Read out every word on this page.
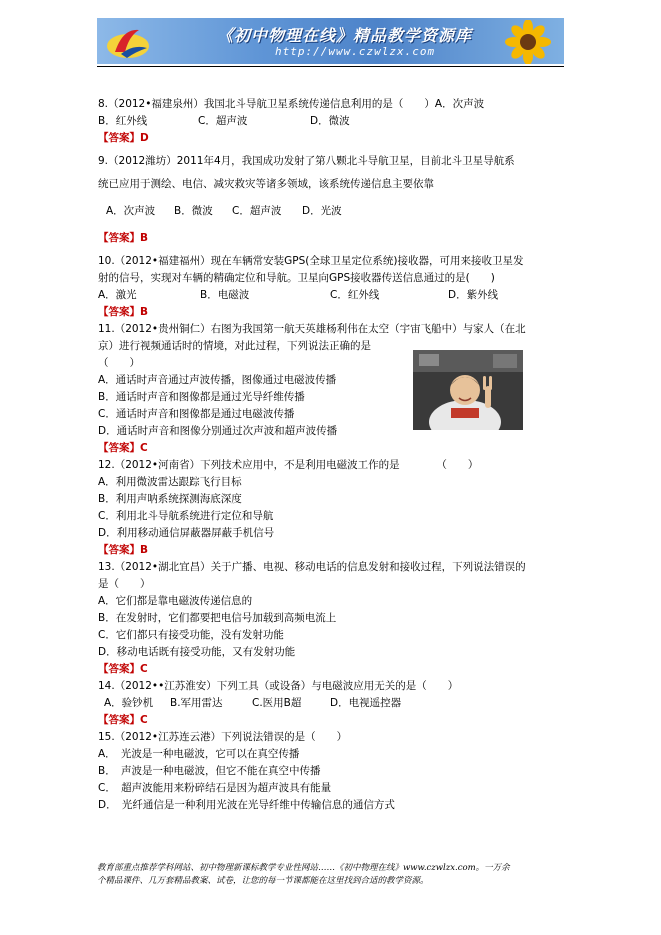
《初中物理在线》精品教学资源库
http://www.czwlzx.com
8.（2012•福建泉州）我国北斗导航卫星系统传递信息利用的是（　　）A．次声波
B．红外线	C．超声波	D．微波
【答案】D
9.（2012潍坊）2011年4月，我国成功发射了第八颗北斗导航卫星，目前北斗卫星导航系
统已应用于测绘、电信、减灾救灾等诸多领域，该系统传递信息主要依靠
A．次声波 B．微波 C．超声波 D．光波
【答案】B
10.（2012•福建福州）现在车辆常安装GPS(全球卫星定位系统)接收器，可用来接收卫星发
射的信号，实现对车辆的精确定位和导航。卫星向GPS接收器传送信息通过的是(　　)
A．激光	B．电磁波	C．红外线	D．紫外线
【答案】B
11.（2012•贵州铜仁）右图为我国第一航天英雄杨利伟在太空（宇宙飞船中）与家人（在北
京）进行视频通话时的情境，对此过程，下列说法正确的是
（　　）
A．通话时声音通过声波传播，图像通过电磁波传播
B．通话时声音和图像都是通过光导纤维传播
C．通话时声音和图像都是通过电磁波传播
D．通话时声音和图像分别通过次声波和超声波传播
【答案】C
12.（2012•河南省）下列技术应用中，不是利用电磁波工作的是　　　　（　　）
A．利用微波雷达跟踪飞行目标
B．利用声呐系统探测海底深度
C．利用北斗导航系统进行定位和导航
D．利用移动通信屏蔽器屏蔽手机信号
【答案】B
13.（2012•湖北宜昌）关于广播、电视、移动电话的信息发射和接收过程，下列说法错误的
是（　　）
A．它们都是靠电磁波传递信息的
B．在发射时，它们都要把电信号加载到高频电流上
C．它们都只有接受功能，没有发射功能
D．移动电话既有接受功能，又有发射功能
【答案】C
14.（2012••江苏淮安）下列工具（或设备）与电磁波应用无关的是（　　）
A．验钞机 B.军用雷达	C.医用B超	D．电视遥控器
【答案】C
15.（2012•江苏连云港）下列说法错误的是（　　）
A．　光波是一种电磁波，它可以在真空传播
B．　声波是一种电磁波，但它不能在真空中传播
C．　超声波能用来粉碎结石是因为超声波具有能量
D．　光纤通信是一种利用光波在光导纤维中传输信息的通信方式
教育部重点推荐学科网站、初中物理新课标教学专业性网站……《初中物理在线》www.czwlzx.com。一万余
个精品课件、几万套精品教案、试卷，让您的每一节课都能在这里找到合适的教学资源。
